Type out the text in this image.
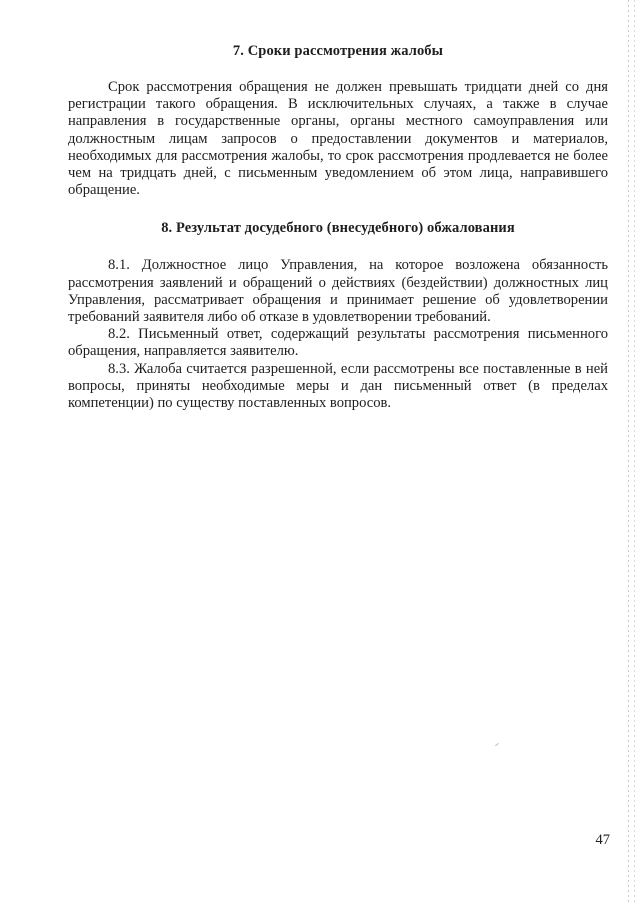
7. Сроки рассмотрения жалобы

Срок рассмотрения обращения не должен превышать тридцати дней со дня регистрации такого обращения. В исключительных случаях, а также в случае направления в государственные органы, органы местного самоуправления или должностным лицам запросов о предоставлении документов и материалов, необходимых для рассмотрения жалобы, то срок рассмотрения продлевается не более чем на тридцать дней, с письменным уведомлением об этом лица, направившего обращение.

8. Результат досудебного (внесудебного) обжалования

8.1. Должностное лицо Управления, на которое возложена обязанность рассмотрения заявлений и обращений о действиях (бездействии) должностных лиц Управления, рассматривает обращения и принимает решение об удовлетворении требований заявителя либо об отказе в удовлетворении требований.

8.2. Письменный ответ, содержащий результаты рассмотрения письменного обращения, направляется заявителю.

8.3. Жалоба считается разрешенной, если рассмотрены все поставленные в ней вопросы, приняты необходимые меры и дан письменный ответ (в пределах компетенции) по существу поставленных вопросов.

47
